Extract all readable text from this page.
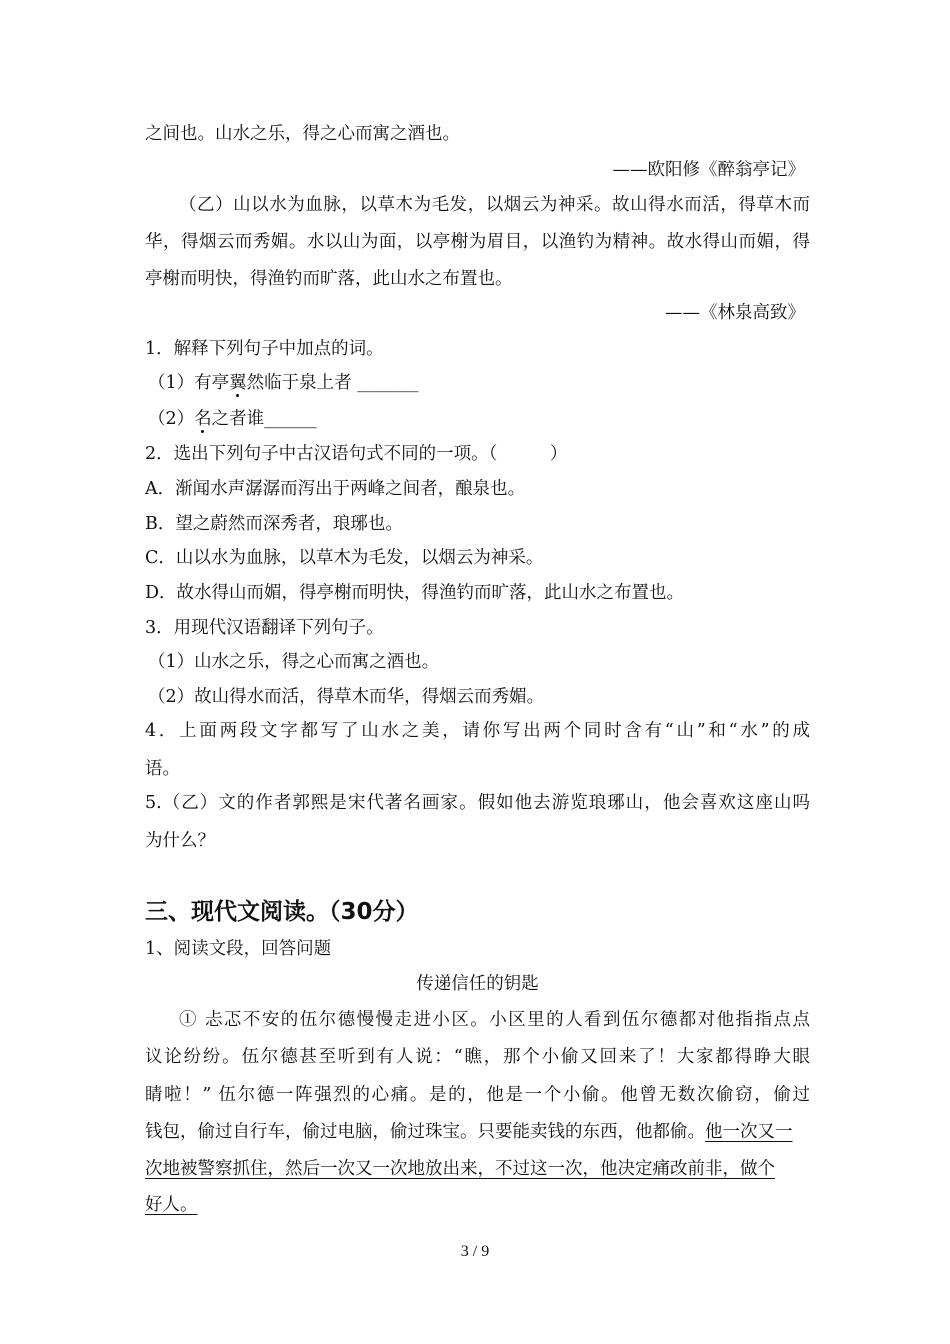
之间也。山水之乐，得之心而寓之酒也。
——欧阳修《醉翁亭记》
（乙）山以水为血脉，以草木为毛发，以烟云为神采。故山得水而活，得草木而
华，得烟云而秀媚。水以山为面，以亭榭为眉目，以渔钓为精神。故水得山而媚，得
亭榭而明快，得渔钓而旷落，此山水之布置也。
——《林泉高致》
1．解释下列句子中加点的词。
（1）有亭翼然临于泉上者 _______
（2）名之者谁______
2．选出下列句子中古汉语句式不同的一项。（　　　）
A．渐闻水声潺潺而泻出于两峰之间者，酿泉也。
B．望之蔚然而深秀者，琅琊也。
C．山以水为血脉，以草木为毛发，以烟云为神采。
D．故水得山而媚，得亭榭而明快，得渔钓而旷落，此山水之布置也。
3．用现代汉语翻译下列句子。
（1）山水之乐，得之心而寓之酒也。
（2）故山得水而活，得草木而华，得烟云而秀媚。
4．上面两段文字都写了山水之美，请你写出两个同时含有“山”和“水”的成
语。
5.（乙）文的作者郭熙是宋代著名画家。假如他去游览琅琊山，他会喜欢这座山吗
为什么？
三、现代文阅读。（30分）
1、阅读文段，回答问题
传递信任的钥匙
① 忐忑不安的伍尔德慢慢走进小区。小区里的人看到伍尔德都对他指指点点
议论纷纷。伍尔德甚至听到有人说：“瞧，那个小偷又回来了！大家都得睁大眼
睛啦！” 伍尔德一阵强烈的心痛。是的，他是一个小偷。他曾无数次偷窃，偷过
钱包，偷过自行车，偷过电脑，偷过珠宝。只要能卖钱的东西，他都偷。他一次又一
次地被警察抓住，然后一次又一次地放出来，不过这一次，他决定痛改前非，做个
好人。
3 / 9
